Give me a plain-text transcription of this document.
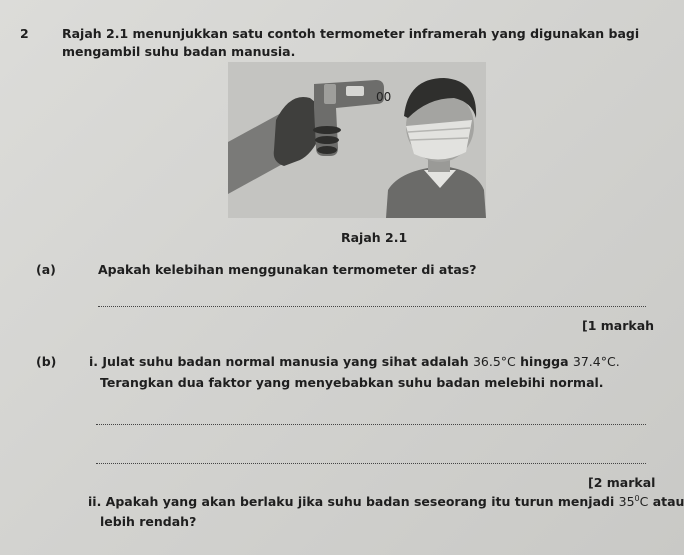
2	Rajah 2.1 menunjukkan satu contoh termometer inframerah yang digunakan bagi
mengambil suhu badan manusia.
00
Rajah 2.1
(a)	Apakah kelebihan menggunakan termometer di atas?
[1 markah
(b)	i. Julat suhu badan normal manusia yang sihat adalah 36.5°C hingga 37.4°C.
Terangkan dua faktor yang menyebabkan suhu badan melebihi normal.
[2 markal
ii. Apakah yang akan berlaku jika suhu badan seseorang itu turun menjadi $35^0C$ atau
lebih rendah?
